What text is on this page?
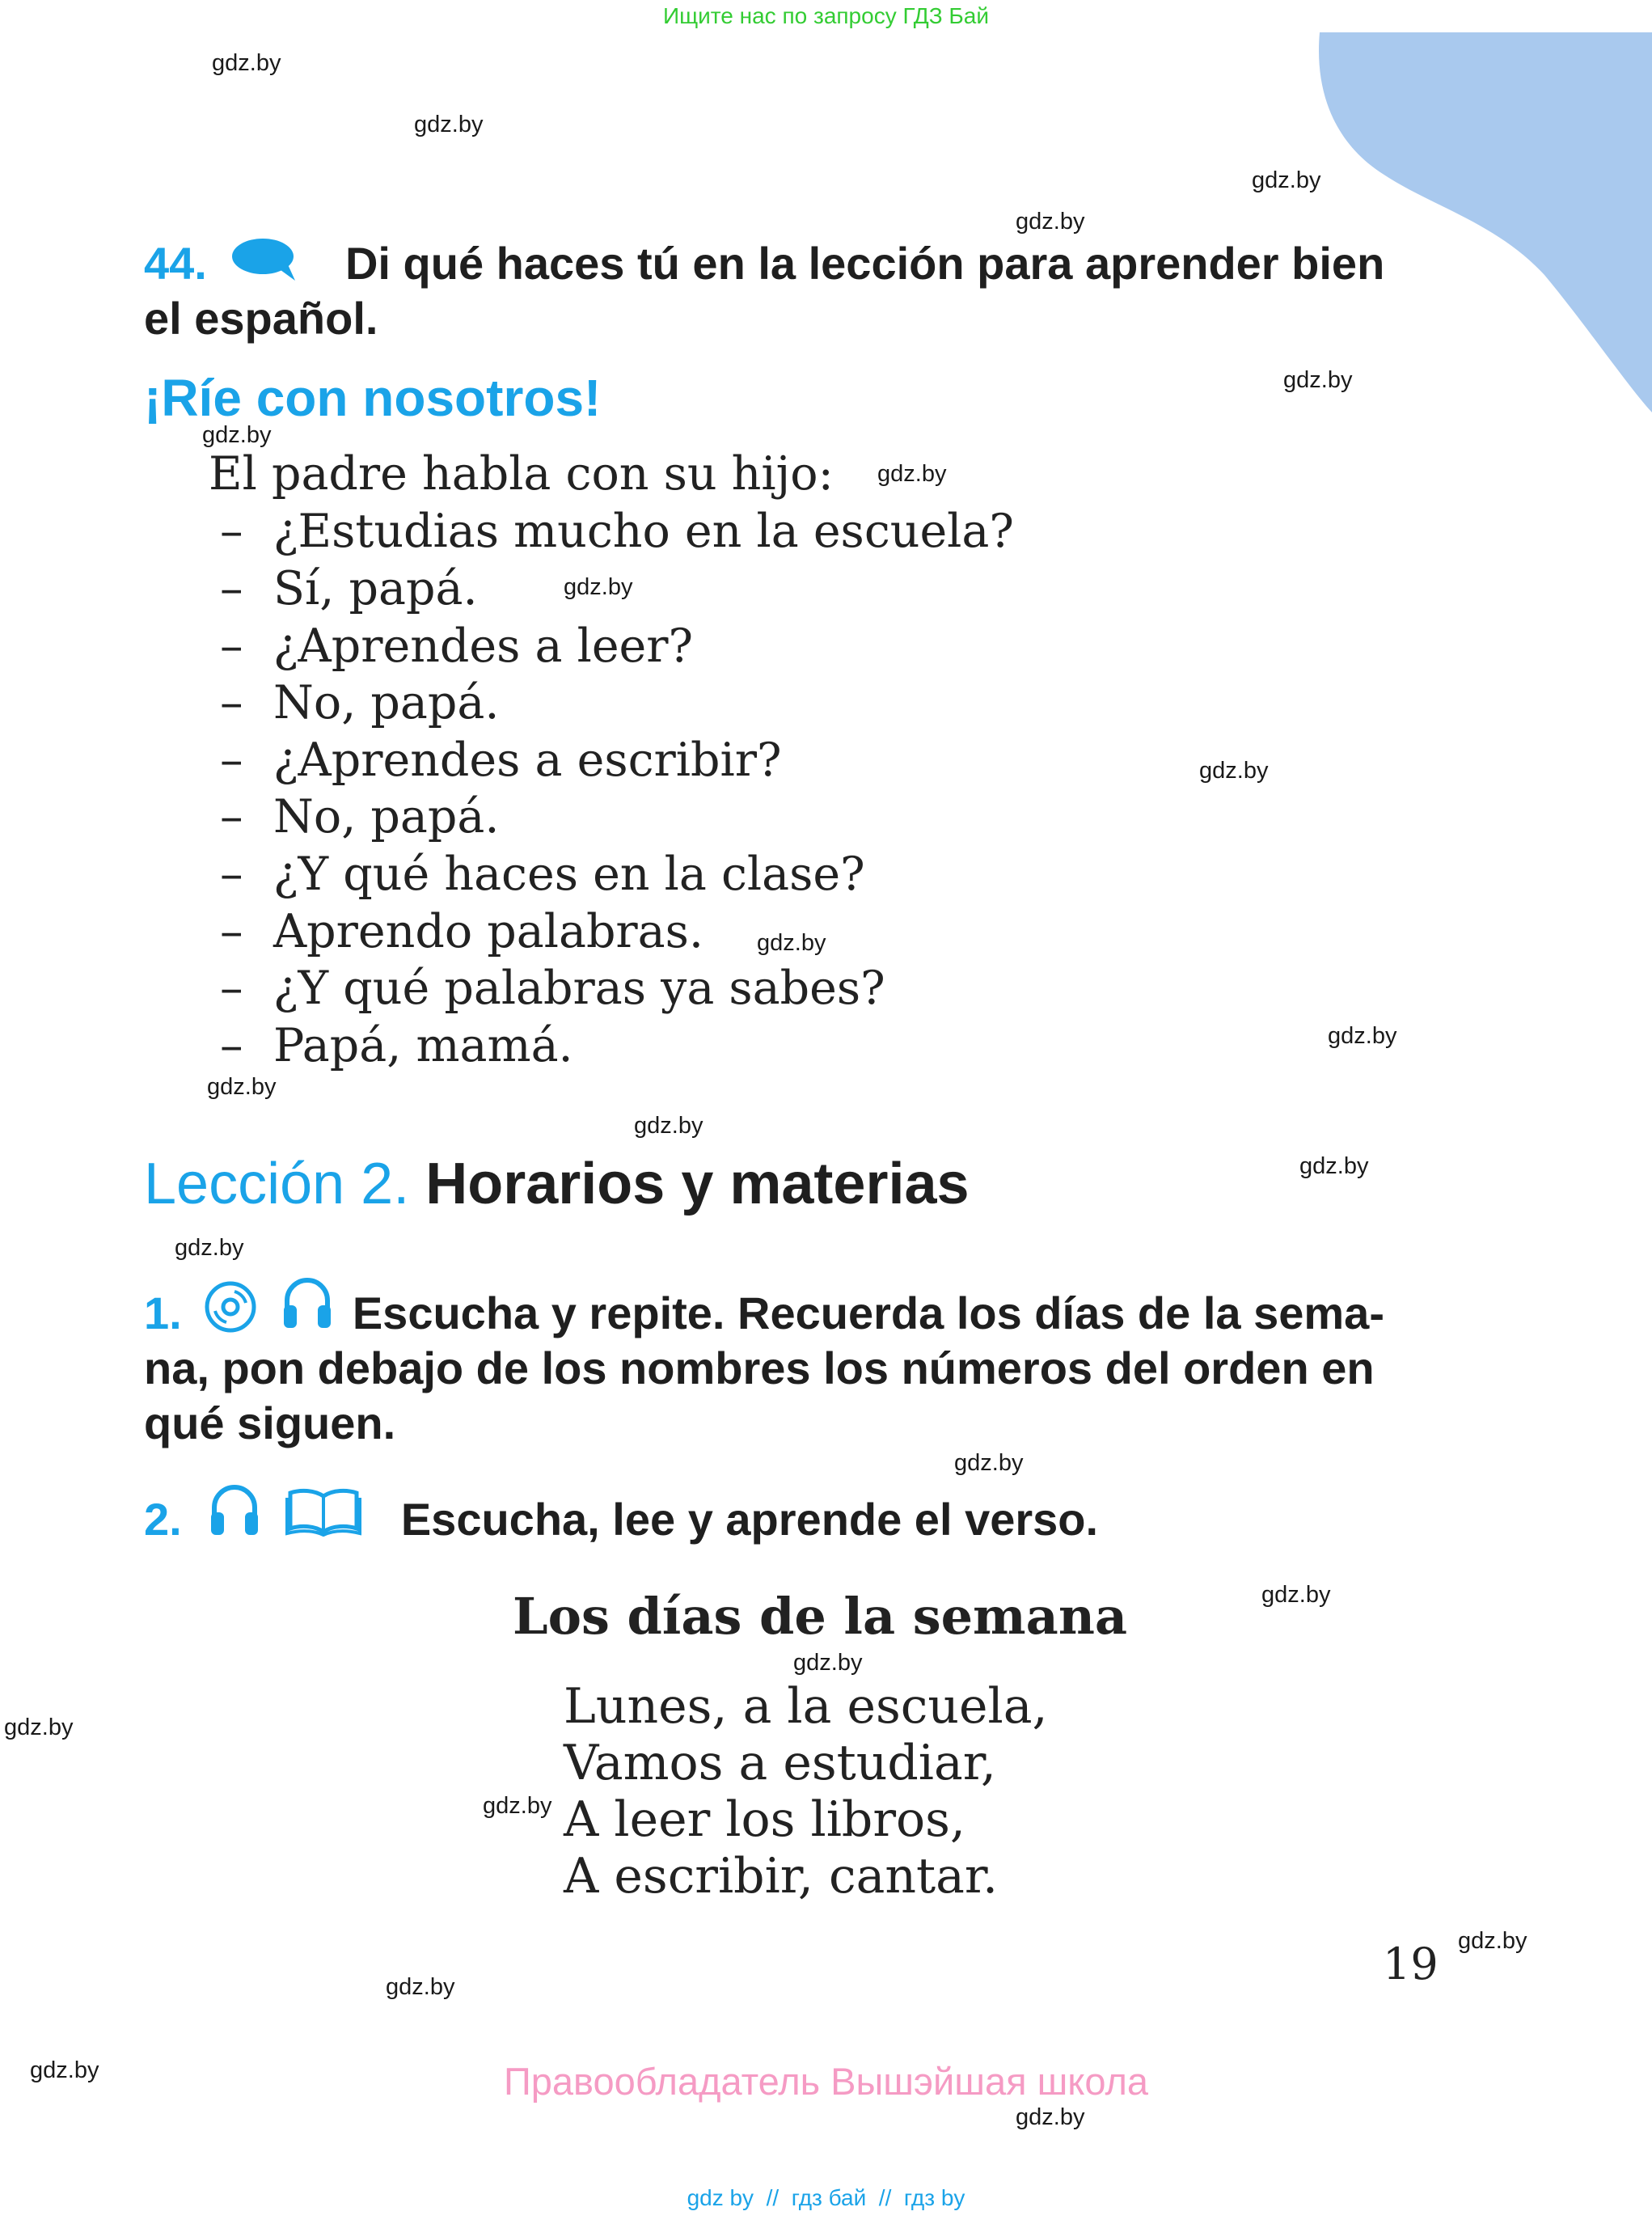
Ищите нас по запросу ГДЗ Бай
gdz.by
gdz.by
gdz.by
gdz.by
gdz.by
gdz.by
gdz.by
gdz.by
gdz.by
gdz.by
gdz.by
gdz.by
gdz.by
gdz.by
gdz.by
gdz.by
gdz.by
gdz.by
gdz.by
gdz.by
gdz.by
gdz.by
gdz.by
gdz.by
44.	Di qué haces tú en la lección para aprender bien
el español.
¡Ríe con nosotros!
El padre habla con su hijo:
– ¿Estudias mucho en la escuela?
– Sí, papá.
– ¿Aprendes a leer?
– No, papá.
– ¿Aprendes a escribir?
– No, papá.
– ¿Y qué haces en la clase?
– Aprendo palabras.
– ¿Y qué palabras ya sabes?
– Papá, mamá.
Lección 2. Horarios y materias
1.	Escucha y repite. Recuerda los días de la sema-
na, pon debajo de los nombres los números del orden en
qué siguen.
2.	Escucha, lee y aprende el verso.
Los días de la semana
Lunes, a la escuela,
Vamos a estudiar,
A leer los libros,
A escribir, cantar.
19
Правообладатель Вышэйшая школа
gdz by  //  гдз бай  //  гдз by
